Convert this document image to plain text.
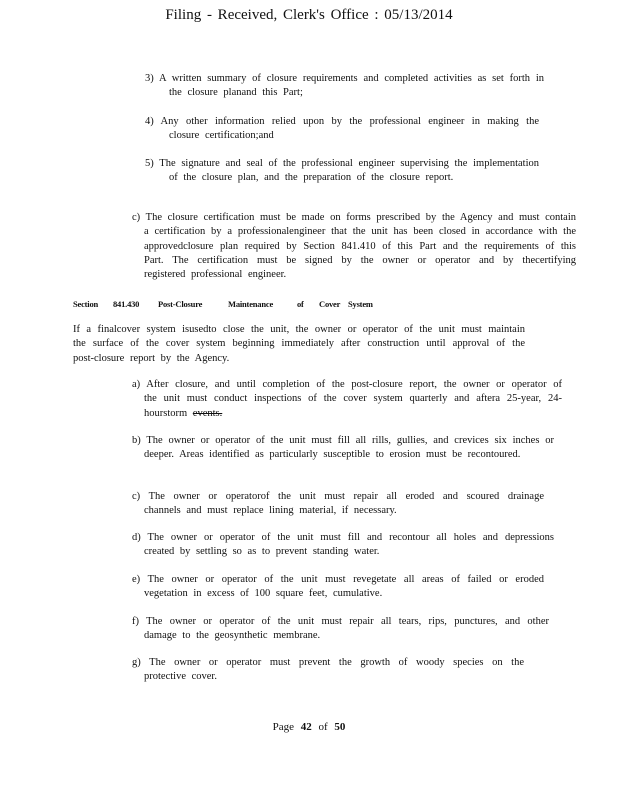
Filing - Received, Clerk's Office : 05/13/2014
3) A written summary of closure requirements and completed activities as set forth in the closure planand this Part;
4) Any other information relied upon by the professional engineer in making the closure certification;and
5) The signature and seal of the professional engineer supervising the implementation of the closure plan, and the preparation of the closure report.
c) The closure certification must be made on forms prescribed by the Agency and must contain a certification by a professionalengineer that the unit has been closed in accordance with the approvedclosure plan required by Section 841.410 of this Part and the requirements of this Part. The certification must be signed by the owner or operator and by thecertifying registered professional engineer.
Section 841.430 Post-Closure	Maintenance	of Cover System
If a finalcover system isusedto close the unit, the owner or operator of the unit must maintain the surface of the cover system beginning immediately after construction until approval of the post-closure report by the Agency.
a) After closure, and until completion of the post-closure report, the owner or operator of the unit must conduct inspections of the cover system quarterly and aftera 25-year, 24-hourstorm events.
b) The owner or operator of the unit must fill all rills, gullies, and crevices six inches or deeper. Areas identified as particularly susceptible to erosion must be recontoured.
c) The owner or operatorof the unit must repair all eroded and scoured drainage channels and must replace lining material, if necessary.
d) The owner or operator of the unit must fill and recontour all holes and depressions created by settling so as to prevent standing water.
e) The owner or operator of the unit must revegetate all areas of failed or eroded vegetation in excess of 100 square feet, cumulative.
f) The owner or operator of the unit must repair all tears, rips, punctures, and other damage to the geosynthetic membrane.
g) The owner or operator must prevent the growth of woody species on the protective cover.
Page 42 of 50
